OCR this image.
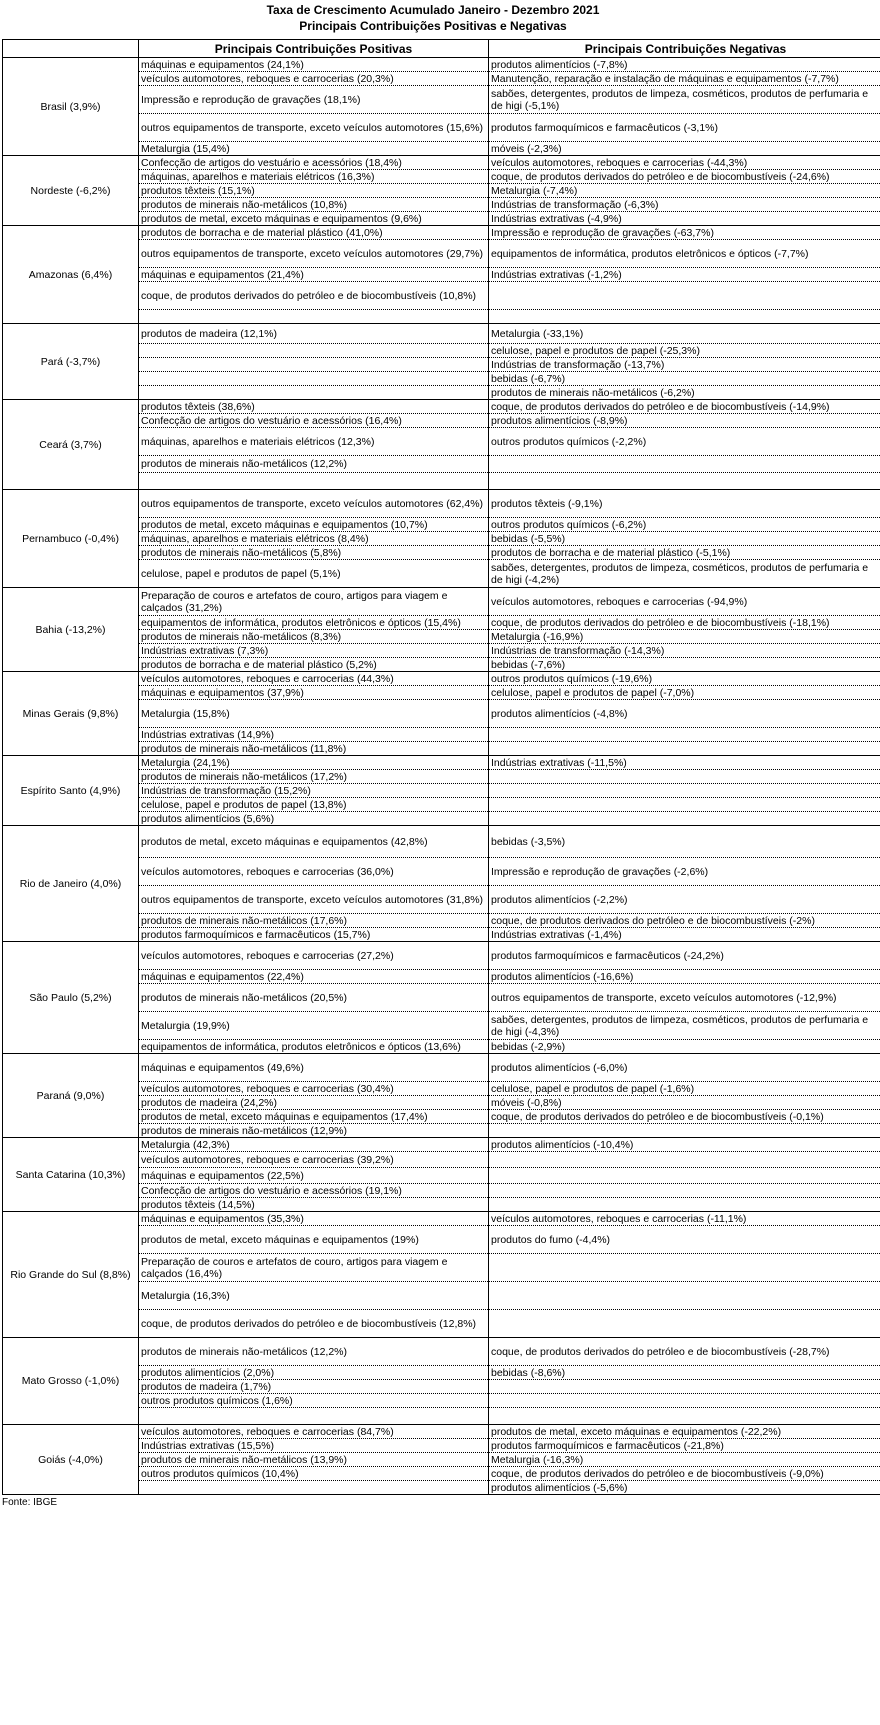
Taxa de Crescimento Acumulado Janeiro - Dezembro 2021
Principais Contribuições Positivas e Negativas
	Principais Contribuições Positivas	Principais Contribuições Negativas
Brasil (3,9%)	máquinas e equipamentos (24,1%)	produtos alimentícios (-7,8%)
	veículos automotores, reboques e carrocerias (20,3%)	Manutenção, reparação e instalação de máquinas e equipamentos (-7,7%)
	Impressão e reprodução de gravações (18,1%)	sabões, detergentes, produtos de limpeza, cosméticos, produtos de perfumaria e de higi (-5,1%)
	outros equipamentos de transporte, exceto veículos automotores (15,6%)	produtos farmoquímicos e farmacêuticos (-3,1%)
	Metalurgia (15,4%)	móveis (-2,3%)
Nordeste (-6,2%)	Confecção de artigos do vestuário e acessórios (18,4%)	veículos automotores, reboques e carrocerias (-44,3%)
	máquinas, aparelhos e materiais elétricos (16,3%)	coque, de produtos derivados do petróleo e de biocombustíveis (-24,6%)
	produtos têxteis (15,1%)	Metalurgia (-7,4%)
	produtos de minerais não-metálicos (10,8%)	Indústrias de transformação (-6,3%)
	produtos de metal, exceto máquinas e equipamentos (9,6%)	Indústrias extrativas (-4,9%)
Amazonas (6,4%)	produtos de borracha e de material plástico (41,0%)	Impressão e reprodução de gravações (-63,7%)
	outros equipamentos de transporte, exceto veículos automotores (29,7%)	equipamentos de informática, produtos eletrônicos e ópticos (-7,7%)
	máquinas e equipamentos (21,4%)	Indústrias extrativas (-1,2%)
	coque, de produtos derivados do petróleo e de biocombustíveis (10,8%)	

Pará (-3,7%)	produtos de madeira (12,1%)	Metalurgia (-33,1%)
		celulose, papel e produtos de papel (-25,3%)
		Indústrias de transformação (-13,7%)
		bebidas (-6,7%)
		produtos de minerais não-metálicos (-6,2%)
Ceará (3,7%)	produtos têxteis (38,6%)	coque, de produtos derivados do petróleo e de biocombustíveis (-14,9%)
	Confecção de artigos do vestuário e acessórios (16,4%)	produtos alimentícios (-8,9%)
	máquinas, aparelhos e materiais elétricos (12,3%)	outros produtos químicos (-2,2%)
	produtos de minerais não-metálicos (12,2%)	

Pernambuco (-0,4%)	outros equipamentos de transporte, exceto veículos automotores (62,4%)	produtos têxteis (-9,1%)
	produtos de metal, exceto máquinas e equipamentos (10,7%)	outros produtos químicos (-6,2%)
	máquinas, aparelhos e materiais elétricos (8,4%)	bebidas (-5,5%)
	produtos de minerais não-metálicos (5,8%)	produtos de borracha e de material plástico (-5,1%)
	celulose, papel e produtos de papel (5,1%)	sabões, detergentes, produtos de limpeza, cosméticos, produtos de perfumaria e de higi (-4,2%)
Bahia (-13,2%)	Preparação de couros e artefatos de couro, artigos para viagem e calçados (31,2%)	veículos automotores, reboques e carrocerias (-94,9%)
	equipamentos de informática, produtos eletrônicos e ópticos (15,4%)	coque, de produtos derivados do petróleo e de biocombustíveis (-18,1%)
	produtos de minerais não-metálicos (8,3%)	Metalurgia (-16,9%)
	Indústrias extrativas (7,3%)	Indústrias de transformação (-14,3%)
	produtos de borracha e de material plástico (5,2%)	bebidas (-7,6%)
Minas Gerais (9,8%)	veículos automotores, reboques e carrocerias (44,3%)	outros produtos químicos (-19,6%)
	máquinas e equipamentos (37,9%)	celulose, papel e produtos de papel (-7,0%)
	Metalurgia (15,8%)	produtos alimentícios (-4,8%)
	Indústrias extrativas (14,9%)	
	produtos de minerais não-metálicos (11,8%)	
Espírito Santo (4,9%)	Metalurgia (24,1%)	Indústrias extrativas (-11,5%)
	produtos de minerais não-metálicos (17,2%)	
	Indústrias de transformação (15,2%)	
	celulose, papel e produtos de papel (13,8%)	
	produtos alimentícios (5,6%)	
Rio de Janeiro (4,0%)	produtos de metal, exceto máquinas e equipamentos (42,8%)	bebidas (-3,5%)
	veículos automotores, reboques e carrocerias (36,0%)	Impressão e reprodução de gravações (-2,6%)
	outros equipamentos de transporte, exceto veículos automotores (31,8%)	produtos alimentícios (-2,2%)
	produtos de minerais não-metálicos (17,6%)	coque, de produtos derivados do petróleo e de biocombustíveis (-2%)
	produtos farmoquímicos e farmacêuticos (15,7%)	Indústrias extrativas (-1,4%)
São Paulo (5,2%)	veículos automotores, reboques e carrocerias (27,2%)	produtos farmoquímicos e farmacêuticos (-24,2%)
	máquinas e equipamentos (22,4%)	produtos alimentícios (-16,6%)
	produtos de minerais não-metálicos (20,5%)	outros equipamentos de transporte, exceto veículos automotores (-12,9%)
	Metalurgia (19,9%)	sabões, detergentes, produtos de limpeza, cosméticos, produtos de perfumaria e de higi (-4,3%)
	equipamentos de informática, produtos eletrônicos e ópticos (13,6%)	bebidas (-2,9%)
Paraná (9,0%)	máquinas e equipamentos (49,6%)	produtos alimentícios (-6,0%)
	veículos automotores, reboques e carrocerias (30,4%)	celulose, papel e produtos de papel (-1,6%)
	produtos de madeira (24,2%)	móveis (-0,8%)
	produtos de metal, exceto máquinas e equipamentos (17,4%)	coque, de produtos derivados do petróleo e de biocombustíveis (-0,1%)
	produtos de minerais não-metálicos (12,9%)	
Santa Catarina (10,3%)	Metalurgia (42,3%)	produtos alimentícios (-10,4%)
	veículos automotores, reboques e carrocerias (39,2%)	
	máquinas e equipamentos (22,5%)	
	Confecção de artigos do vestuário e acessórios (19,1%)	
	produtos têxteis (14,5%)	
Rio Grande do Sul (8,8%)	máquinas e equipamentos (35,3%)	veículos automotores, reboques e carrocerias (-11,1%)
	produtos de metal, exceto máquinas e equipamentos (19%)	produtos do fumo (-4,4%)
	Preparação de couros e artefatos de couro, artigos para viagem e calçados (16,4%)	
	Metalurgia (16,3%)	
	coque, de produtos derivados do petróleo e de biocombustíveis (12,8%)	
Mato Grosso (-1,0%)	produtos de minerais não-metálicos (12,2%)	coque, de produtos derivados do petróleo e de biocombustíveis (-28,7%)
	produtos alimentícios (2,0%)	bebidas (-8,6%)
	produtos de madeira (1,7%)	
	outros produtos químicos (1,6%)	

Goiás (-4,0%)	veículos automotores, reboques e carrocerias (84,7%)	produtos de metal, exceto máquinas e equipamentos (-22,2%)
	Indústrias extrativas (15,5%)	produtos farmoquímicos e farmacêuticos (-21,8%)
	produtos de minerais não-metálicos (13,9%)	Metalurgia (-16,3%)
	outros produtos químicos (10,4%)	coque, de produtos derivados do petróleo e de biocombustíveis (-9,0%)
		produtos alimentícios (-5,6%)
Fonte: IBGE
